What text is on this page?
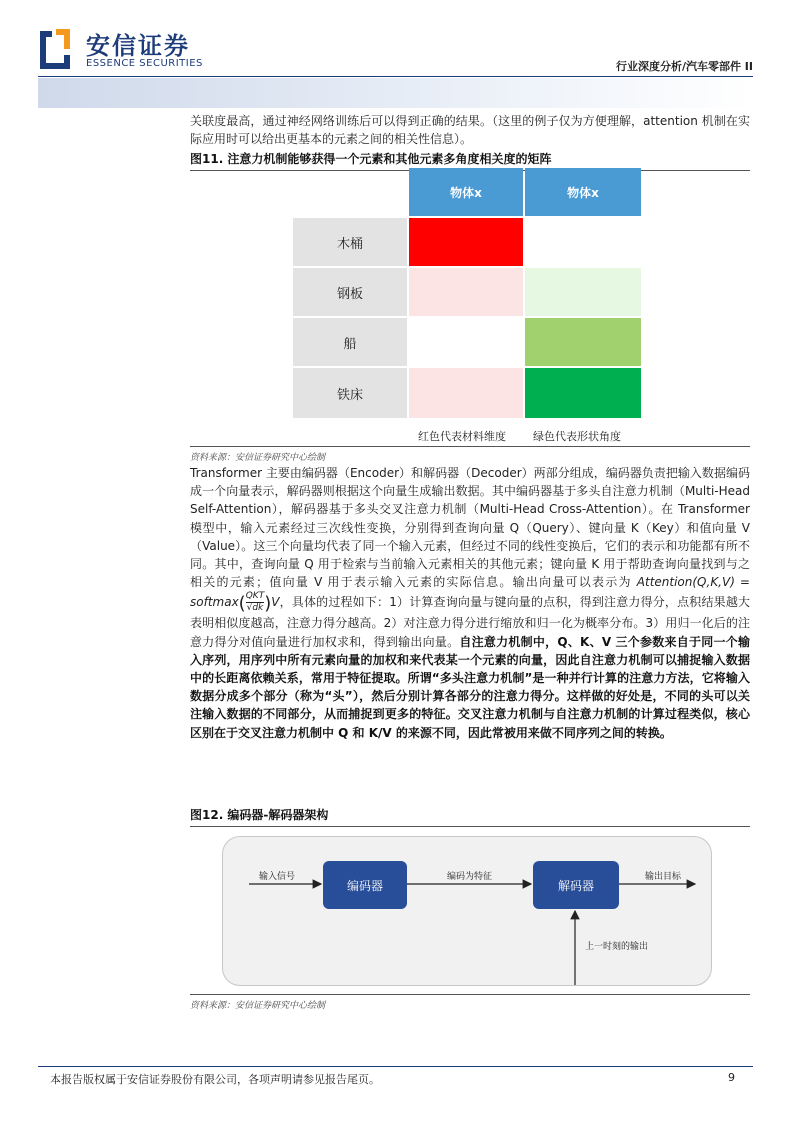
安信证券
ESSENCE SECURITIES	行业深度分析/汽车零部件 II
关联度最高，通过神经网络训练后可以得到正确的结果。（这里的例子仅为方便理解，attention 机制在实际应用时可以给出更基本的元素之间的相关性信息）。
图11. 注意力机制能够获得一个元素和其他元素多角度相关度的矩阵
物体x	物体x
木桶
钢板
船
铁床
红色代表材料维度 绿色代表形状角度
资料来源：安信证券研究中心绘制
Transformer 主要由编码器（Encoder）和解码器（Decoder）两部分组成，编码器负责把输入数据编码成一个向量表示，解码器则根据这个向量生成输出数据。其中编码器基于多头自注意力机制（Multi-Head Self-Attention），解码器基于多头交叉注意力机制（Multi-Head Cross-Attention）。在 Transformer 模型中，输入元素经过三次线性变换，分别得到查询向量 Q（Query）、键向量 K（Key）和值向量 V（Value）。这三个向量均代表了同一个输入元素，但经过不同的线性变换后，它们的表示和功能都有所不同。其中，查询向量 Q 用于检索与当前输入元素相关的其他元素；键向量 K 用于帮助查询向量找到与之相关的元素；值向量 V 用于表示输入元素的实际信息。输出向量可以表示为 Attention(Q,K,V) = softmax( QKT
√dk )V，具体的过程如下：1）计算查询向量与键向量的点积，得到注意力得分，点积结果越大表明相似度越高，注意力得分越高。2）对注意力得分进行缩放和归一化为概率分布。3）用归一化后的注意力得分对值向量进行加权求和，得到输出向量。自注意力机制中，Q、K、V 三个参数来自于同一个输入序列，用序列中所有元素向量的加权和来代表某一个元素的向量，因此自注意力机制可以捕捉输入数据中的长距离依赖关系，常用于特征提取。所谓“多头注意力机制”是一种并行计算的注意力方法，它将输入数据分成多个部分（称为“头”），然后分别计算各部分的注意力得分。这样做的好处是，不同的头可以关注输入数据的不同部分，从而捕捉到更多的特征。交叉注意力机制与自注意力机制的计算过程类似，核心区别在于交叉注意力机制中 Q 和 K/V 的来源不同，因此常被用来做不同序列之间的转换。
图12. 编码器-解码器架构
输入信号
编码器
编码为特征
解码器
输出目标
上一时刻的输出
资料来源：安信证券研究中心绘制
本报告版权属于安信证券股份有限公司，各项声明请参见报告尾页。	9
